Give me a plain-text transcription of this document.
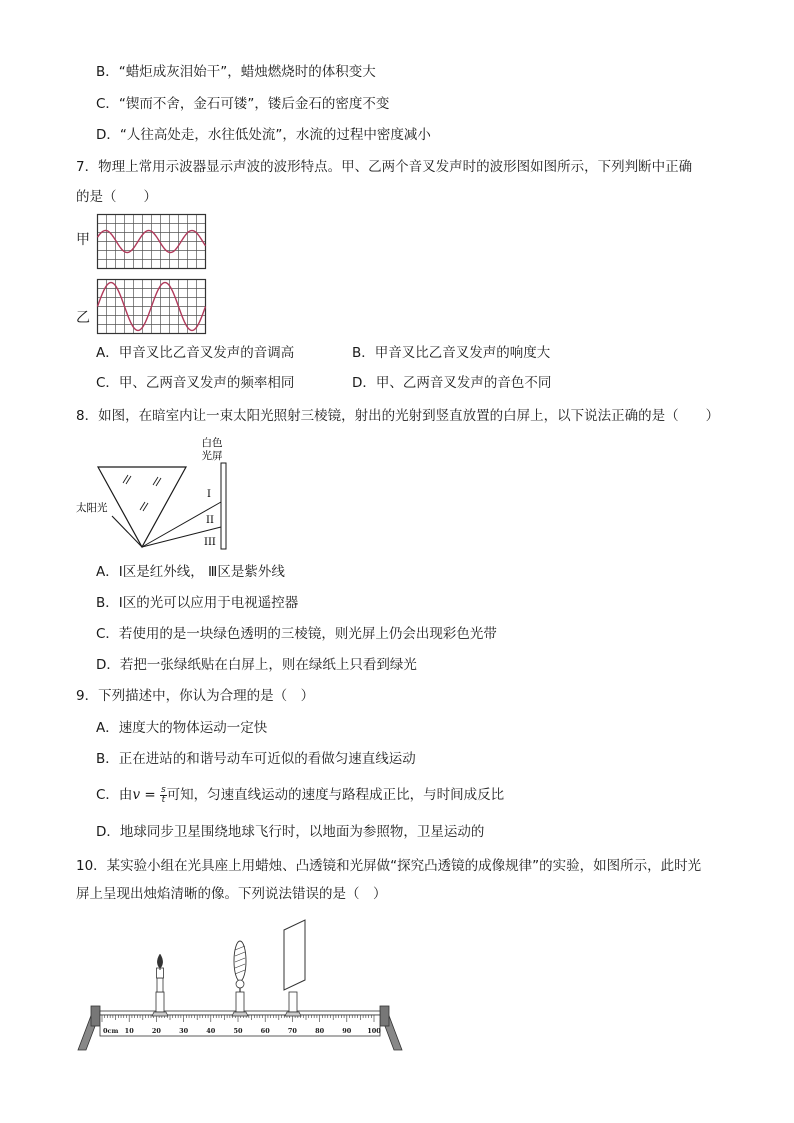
B．“蜡炬成灰泪始干”，蜡烛燃烧时的体积变大
C．“锲而不舍，金石可镂”，镂后金石的密度不变
D．“人往高处走，水往低处流”，水流的过程中密度减小
7．物理上常用示波器显示声波的波形特点。甲、乙两个音叉发声时的波形图如图所示，下列判断中正确
的是（　　）
甲
乙
A．甲音叉比乙音叉发声的音调高	B．甲音叉比乙音叉发声的响度大
C．甲、乙两音叉发声的频率相同	D．甲、乙两音叉发声的音色不同
8．如图，在暗室内让一束太阳光照射三棱镜，射出的光射到竖直放置的白屏上，以下说法正确的是（　　）
白色
光屏
太阳光
I
II
III
A．Ⅰ区是红外线， Ⅲ区是紫外线
B．Ⅰ区的光可以应用于电视遥控器
C．若使用的是一块绿色透明的三棱镜，则光屏上仍会出现彩色光带
D．若把一张绿纸贴在白屏上，则在绿纸上只看到绿光
9．下列描述中，你认为合理的是（　）
A．速度大的物体运动一定快
B．正在进站的和谐号动车可近似的看做匀速直线运动
C．由$v = \frac{s}{t}$ 可知，匀速直线运动的速度与路程成正比，与时间成反比
D．地球同步卫星围绕地球飞行时，以地面为参照物，卫星运动的
10．某实验小组在光具座上用蜡烛、凸透镜和光屏做“探究凸透镜的成像规律”的实验，如图所示，此时光
屏上呈现出烛焰清晰的像。下列说法错误的是（　）
0cm 10	20	30	40	50	60	70	80	90 100
